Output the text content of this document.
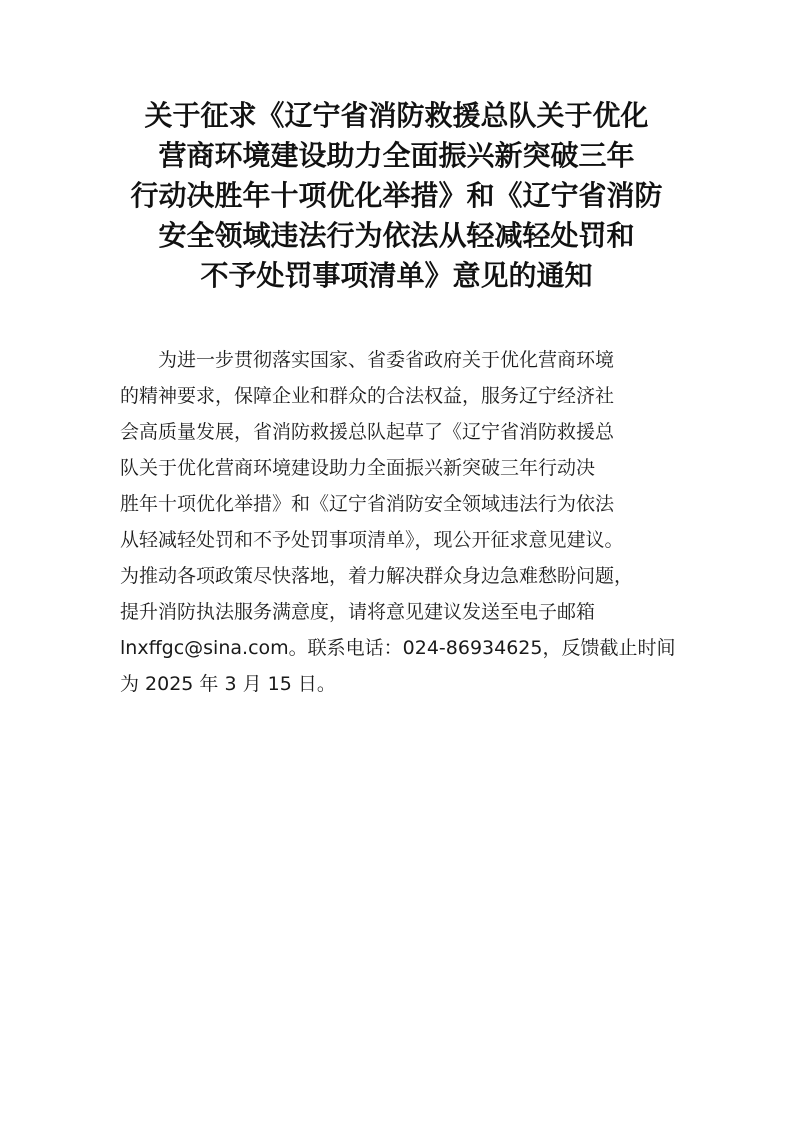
关于征求《辽宁省消防救援总队关于优化
营商环境建设助力全面振兴新突破三年
行动决胜年十项优化举措》和《辽宁省消防
安全领域违法行为依法从轻减轻处罚和
不予处罚事项清单》意见的通知
为进一步贯彻落实国家、省委省政府关于优化营商环境
的精神要求，保障企业和群众的合法权益，服务辽宁经济社
会高质量发展，省消防救援总队起草了《辽宁省消防救援总
队关于优化营商环境建设助力全面振兴新突破三年行动决
胜年十项优化举措》和《辽宁省消防安全领域违法行为依法
从轻减轻处罚和不予处罚事项清单》，现公开征求意见建议。
为推动各项政策尽快落地，着力解决群众身边急难愁盼问题，
提升消防执法服务满意度，请将意见建议发送至电子邮箱
lnxffgc@sina.com。联系电话：024-86934625，反馈截止时间
为 2025 年 3 月 15 日。
